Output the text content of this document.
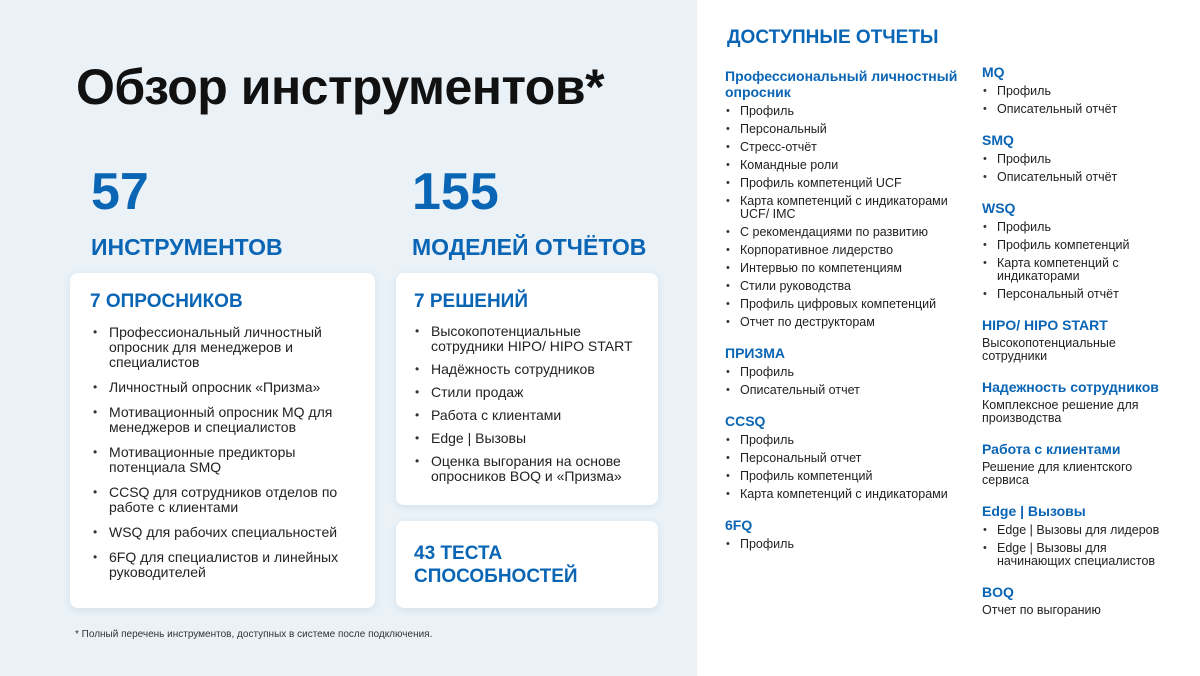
Обзор инструментов*
57
ИНСТРУМЕНТОВ
155
МОДЕЛЕЙ ОТЧЁТОВ
7 ОПРОСНИКОВ
• Профессиональный личностный опросник для менеджеров и специалистов
• Личностный опросник «Призма»
• Мотивационный опросник MQ для менеджеров и специалистов
• Мотивационные предикторы потенциала SMQ
• CCSQ для сотрудников отделов по работе с клиентами
• WSQ для рабочих специальностей
• 6FQ для специалистов и линейных руководителей
7 РЕШЕНИЙ
• Высокопотенциальные сотрудники HIPO/ HIPO START
• Надёжность сотрудников
• Стили продаж
• Работа с клиентами
• Edge | Вызовы
• Оценка выгорания на основе опросников BOQ и «Призма»
43 ТЕСТА СПОСОБНОСТЕЙ
* Полный перечень инструментов, доступных в системе после подключения.
ДОСТУПНЫЕ ОТЧЕТЫ
Профессиональный личностный опросник
• Профиль
• Персональный
• Стресс-отчёт
• Командные роли
• Профиль компетенций UCF
• Карта компетенций с индикаторами UCF/ IMC
• С рекомендациями по развитию
• Корпоративное лидерство
• Интервью по компетенциям
• Стили руководства
• Профиль цифровых компетенций
• Отчет по деструкторам
ПРИЗМА
• Профиль
• Описательный отчет
CCSQ
• Профиль
• Персональный отчет
• Профиль компетенций
• Карта компетенций с индикаторами
6FQ
• Профиль
MQ
• Профиль
• Описательный отчёт
SMQ
• Профиль
• Описательный отчёт
WSQ
• Профиль
• Профиль компетенций
• Карта компетенций с индикаторами
• Персональный отчёт
HIPO/ HIPO START

Высокопотенциальные сотрудники

Надежность сотрудников

Комплексное решение для производства

Работа с клиентами

Решение для клиентского сервиса

Edge | Вызовы
• Edge | Вызовы для лидеров
• Edge | Вызовы для начинающих специалистов
BOQ

Отчет по выгоранию
